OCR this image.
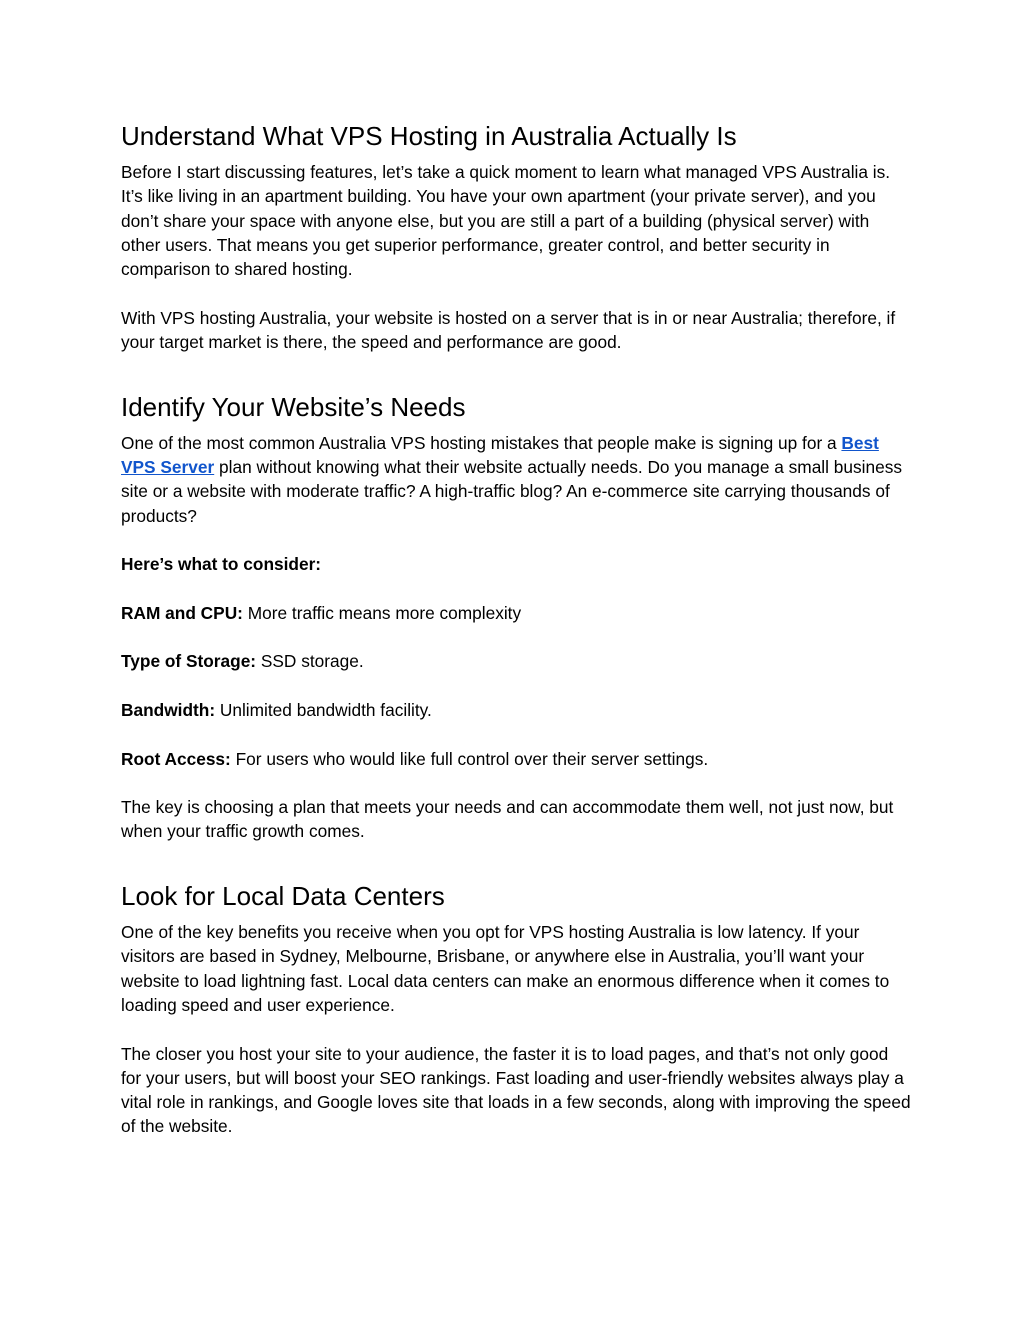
Understand What VPS Hosting in Australia Actually Is

Before I start discussing features, let’s take a quick moment to learn what managed VPS Australia is. It’s like living in an apartment building. You have your own apartment (your private server), and you don’t share your space with anyone else, but you are still a part of a building (physical server) with other users. That means you get superior performance, greater control, and better security in comparison to shared hosting.

With VPS hosting Australia, your website is hosted on a server that is in or near Australia; therefore, if your target market is there, the speed and performance are good.

Identify Your Website’s Needs

One of the most common Australia VPS hosting mistakes that people make is signing up for a Best VPS Server plan without knowing what their website actually needs. Do you manage a small business site or a website with moderate traffic? A high-traffic blog? An e-commerce site carrying thousands of products?

Here’s what to consider:

RAM and CPU: More traffic means more complexity

Type of Storage: SSD storage.

Bandwidth: Unlimited bandwidth facility.

Root Access: For users who would like full control over their server settings.

The key is choosing a plan that meets your needs and can accommodate them well, not just now, but when your traffic growth comes.

Look for Local Data Centers

One of the key benefits you receive when you opt for VPS hosting Australia is low latency. If your visitors are based in Sydney, Melbourne, Brisbane, or anywhere else in Australia, you’ll want your website to load lightning fast. Local data centers can make an enormous difference when it comes to loading speed and user experience.

The closer you host your site to your audience, the faster it is to load pages, and that’s not only good for your users, but will boost your SEO rankings. Fast loading and user-friendly websites always play a vital role in rankings, and Google loves site that loads in a few seconds, along with improving the speed of the website.
